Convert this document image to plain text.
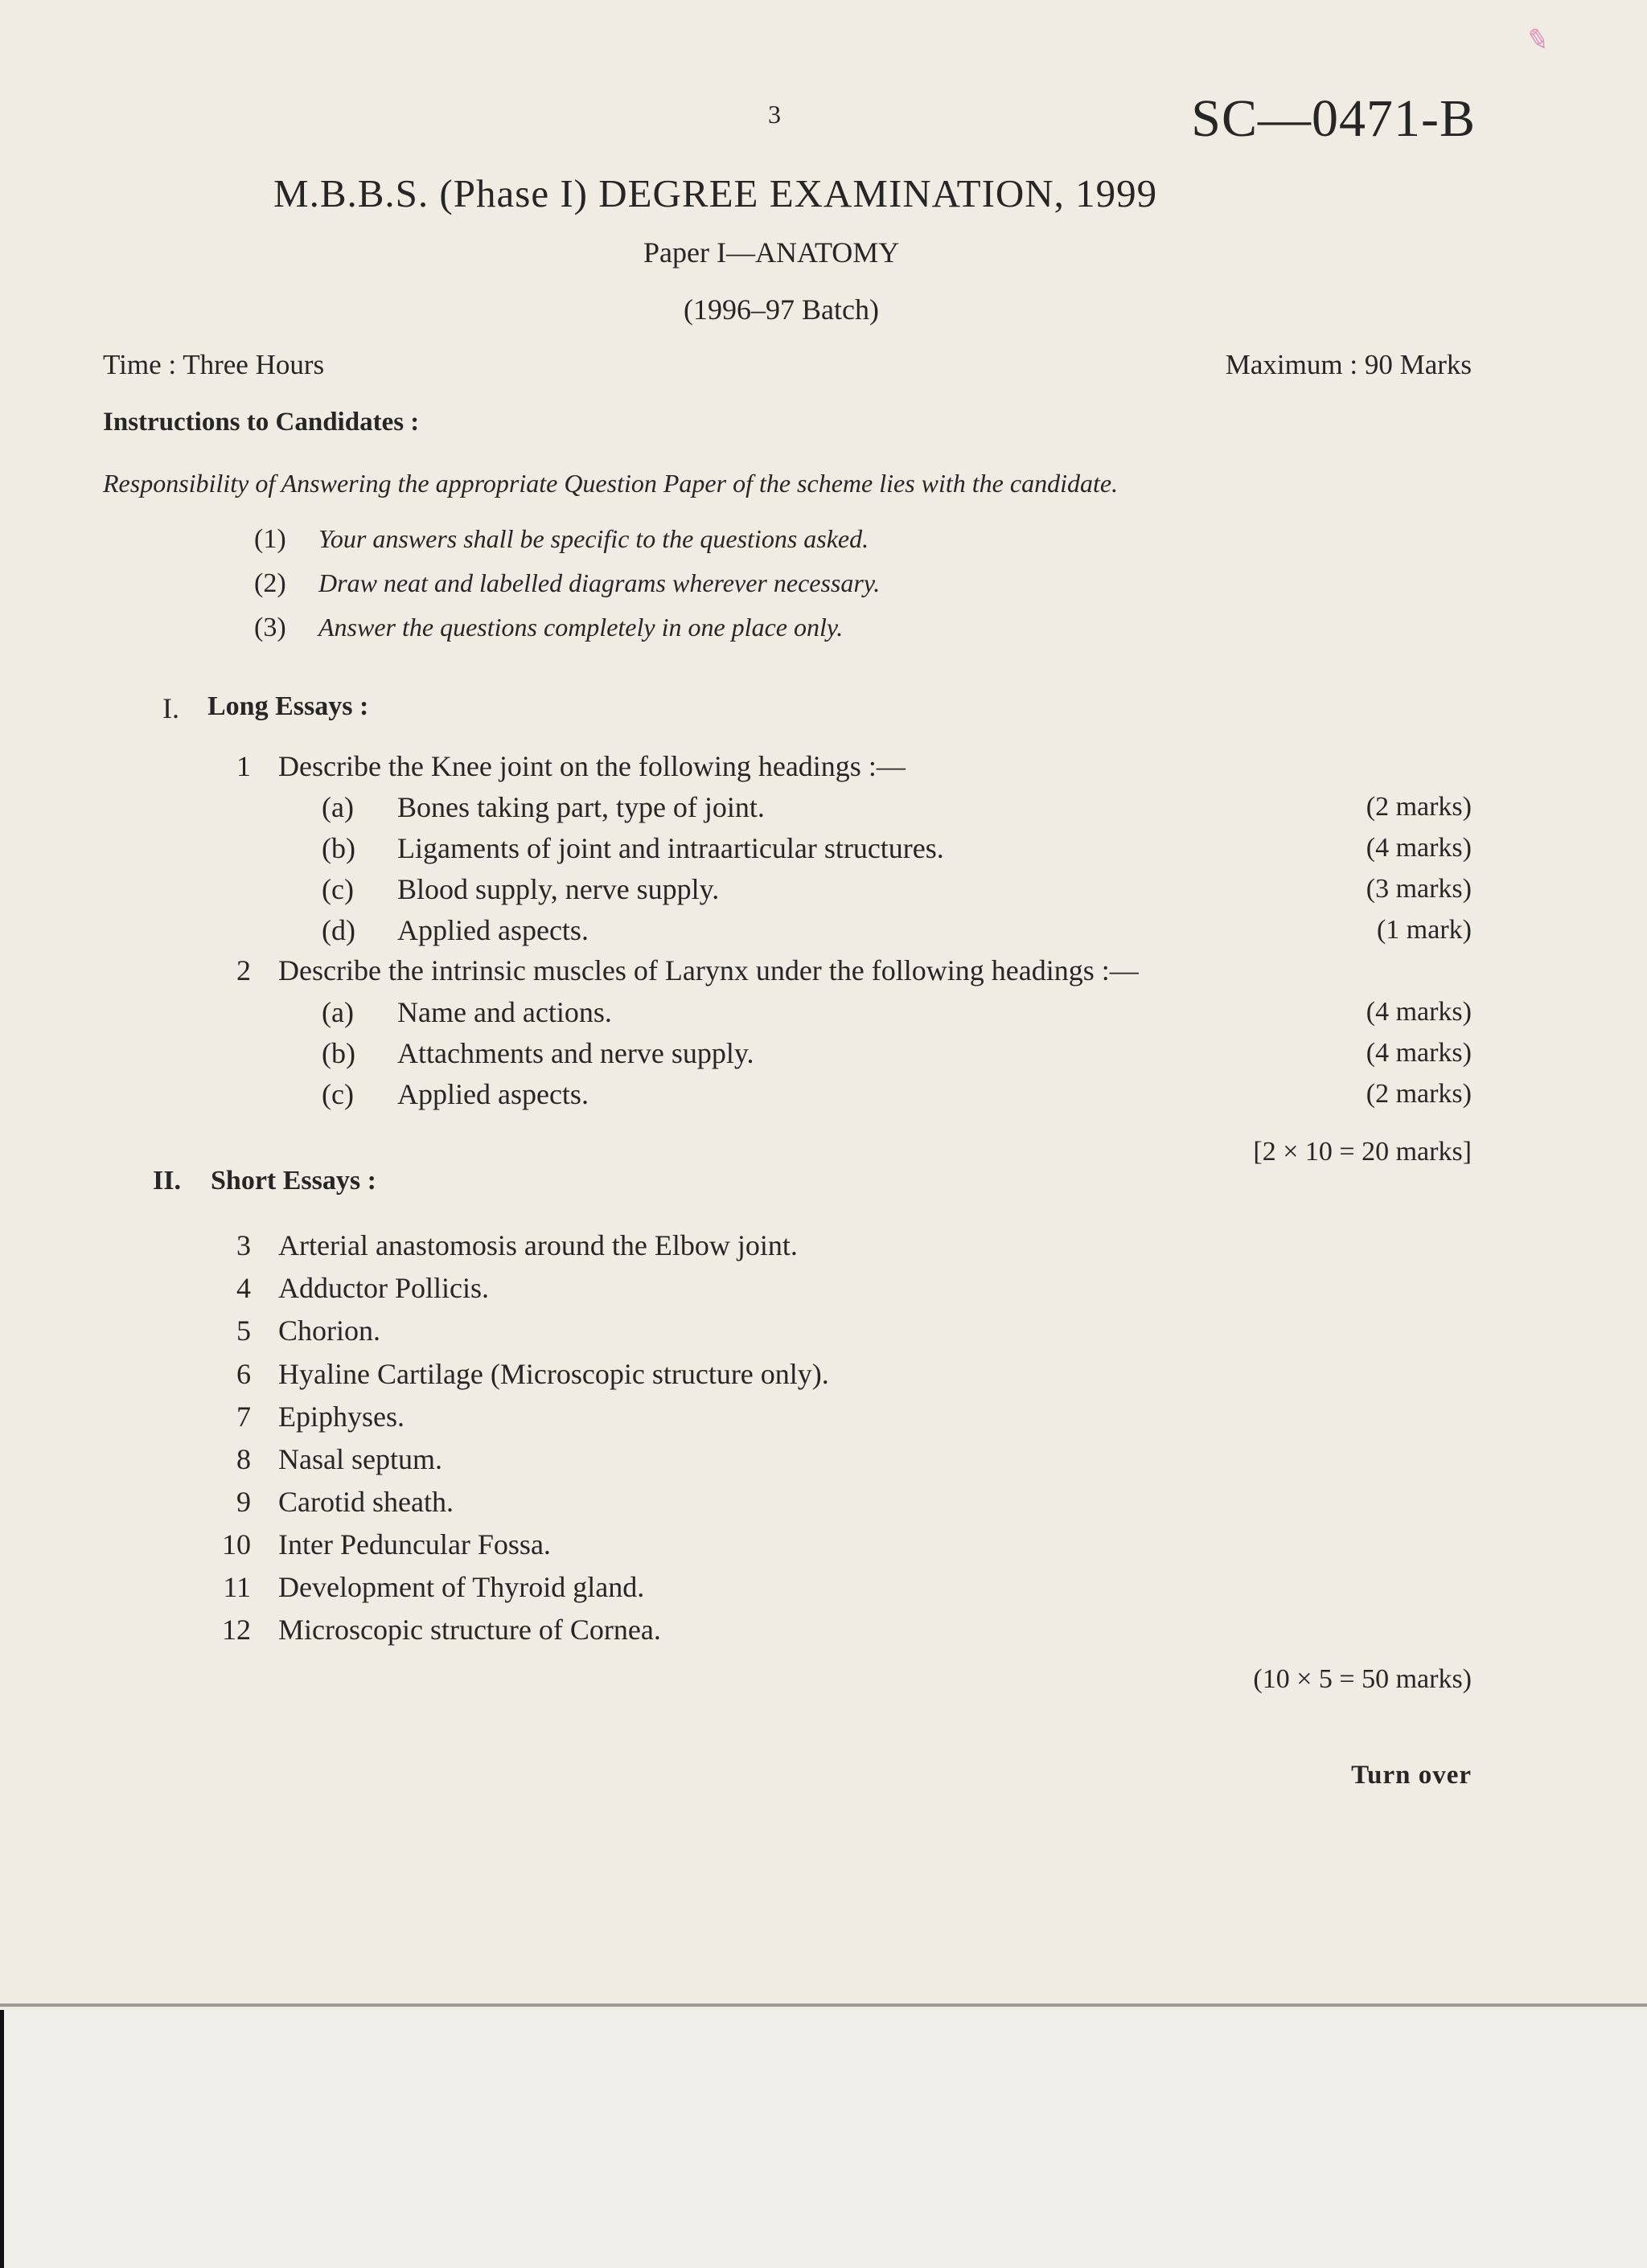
✎
3	SC—0471-B
M.B.B.S. (Phase I) DEGREE EXAMINATION, 1999
Paper I—ANATOMY
(1996–97 Batch)
Time : Three Hours	Maximum : 90 Marks
Instructions to Candidates :
Responsibility of Answering the appropriate Question Paper of the scheme lies with the candidate.
(1) Your answers shall be specific to the questions asked.
(2) Draw neat and labelled diagrams wherever necessary.
(3) Answer the questions completely in one place only.
I. Long Essays :
1 Describe the Knee joint on the following headings :—
(a) Bones taking part, type of joint.	(2 marks)
(b) Ligaments of joint and intraarticular structures.	(4 marks)
(c) Blood supply, nerve supply.	(3 marks)
(d) Applied aspects.	(1 mark)
2 Describe the intrinsic muscles of Larynx under the following headings :—
(a) Name and actions.	(4 marks)
(b) Attachments and nerve supply.	(4 marks)
(c) Applied aspects.	(2 marks)
[2 × 10 = 20 marks]
II. Short Essays :
3 Arterial anastomosis around the Elbow joint.
4 Adductor Pollicis.
5 Chorion.
6 Hyaline Cartilage (Microscopic structure only).
7 Epiphyses.
8 Nasal septum.
9 Carotid sheath.
10 Inter Peduncular Fossa.
11 Development of Thyroid gland.
12 Microscopic structure of Cornea.
(10 × 5 = 50 marks)
Turn over
